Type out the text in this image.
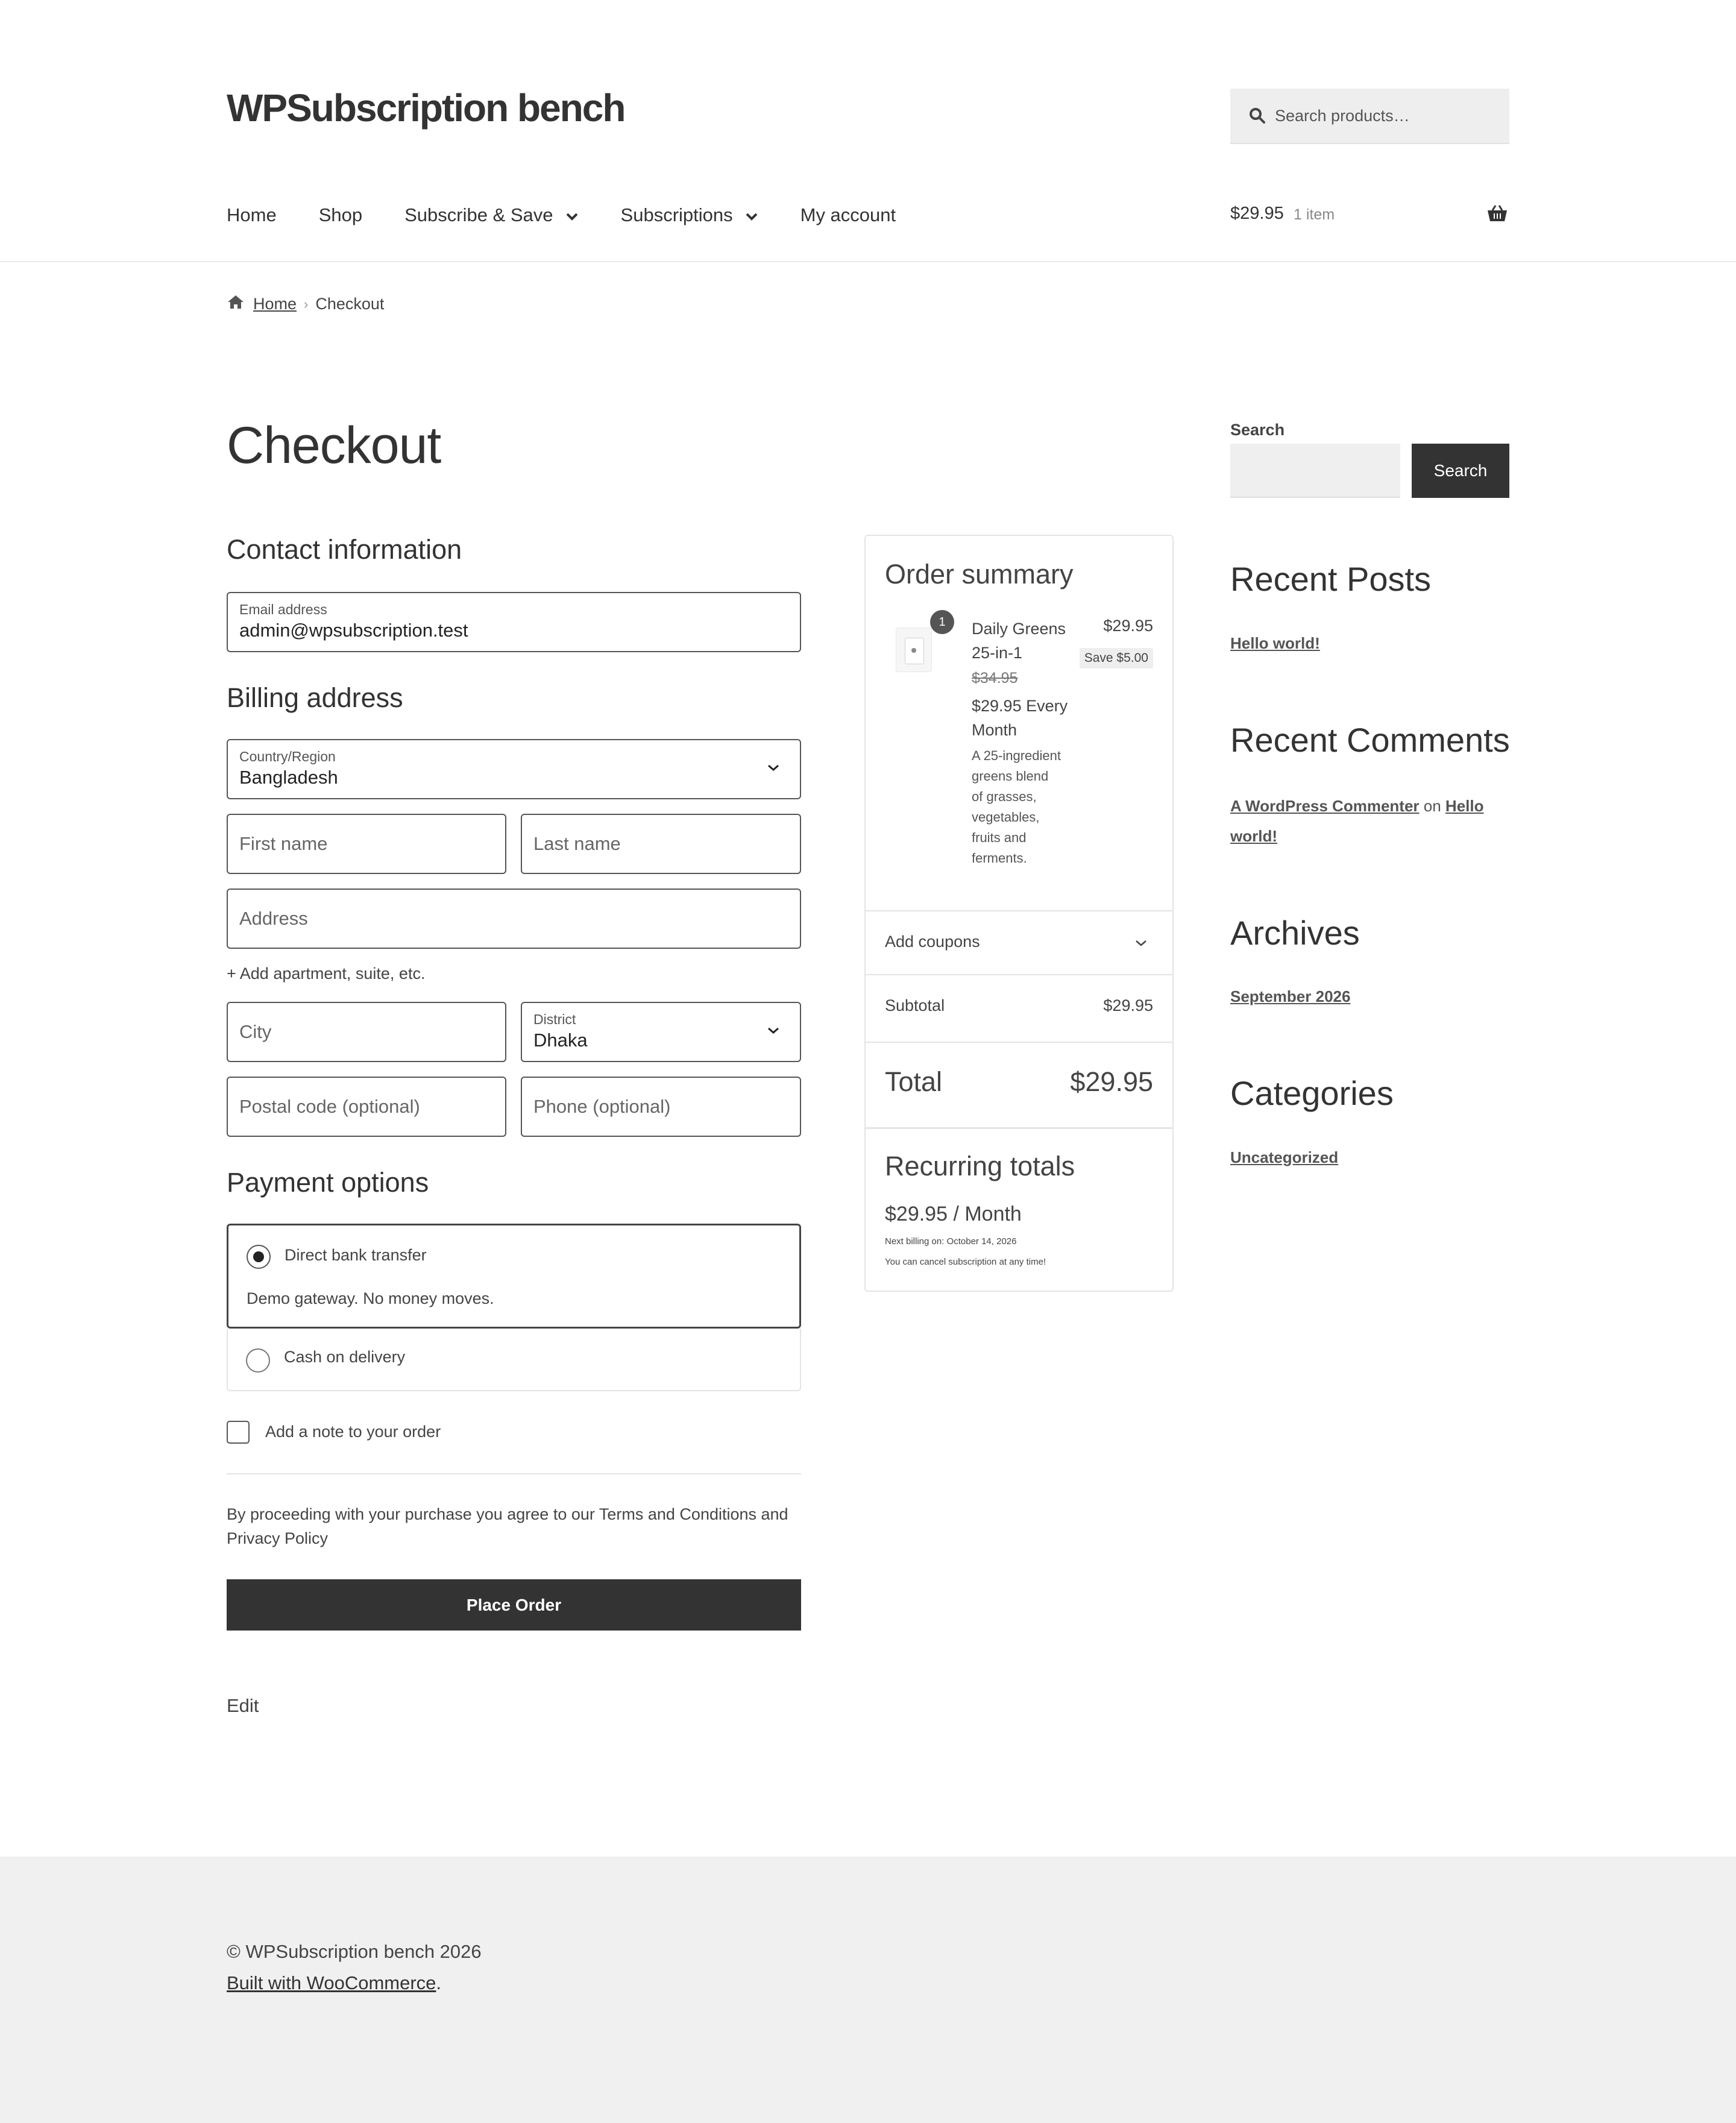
WPSubscription bench	Search products…
Home Shop Subscribe & Save	Subscriptions	My account	$29.95 1 item
Home › Checkout
Checkout
Contact information
Email address
admin@wpsubscription.test
Billing address
Country/Region
Bangladesh
First name	Last name
Address
+ Add apartment, suite, etc.
City
District
Dhaka
Postal code (optional)	Phone (optional)
Payment options
Direct bank transfer
Demo gateway. No money moves.
Cash on delivery
Add a note to your order
By proceeding with your purchase you agree to our Terms and Conditions and Privacy Policy
Place Order
Edit
Order summary
1	Daily Greens 25-in-1
$29.95
Save $5.00
$34.95
$29.95 Every Month
A 25-ingredient greens blend of grasses, vegetables, fruits and ferments.
Add coupons
Subtotal	$29.95
Total	$29.95
Recurring totals
$29.95 / Month
Next billing on: October 14, 2026
You can cancel subscription at any time!
Search
Search
Recent Posts
Hello world!
Recent Comments
A WordPress Commenter on Hello
world!
Archives
September 2026
Categories
Uncategorized
© WPSubscription bench 2026
Built with WooCommerce.
